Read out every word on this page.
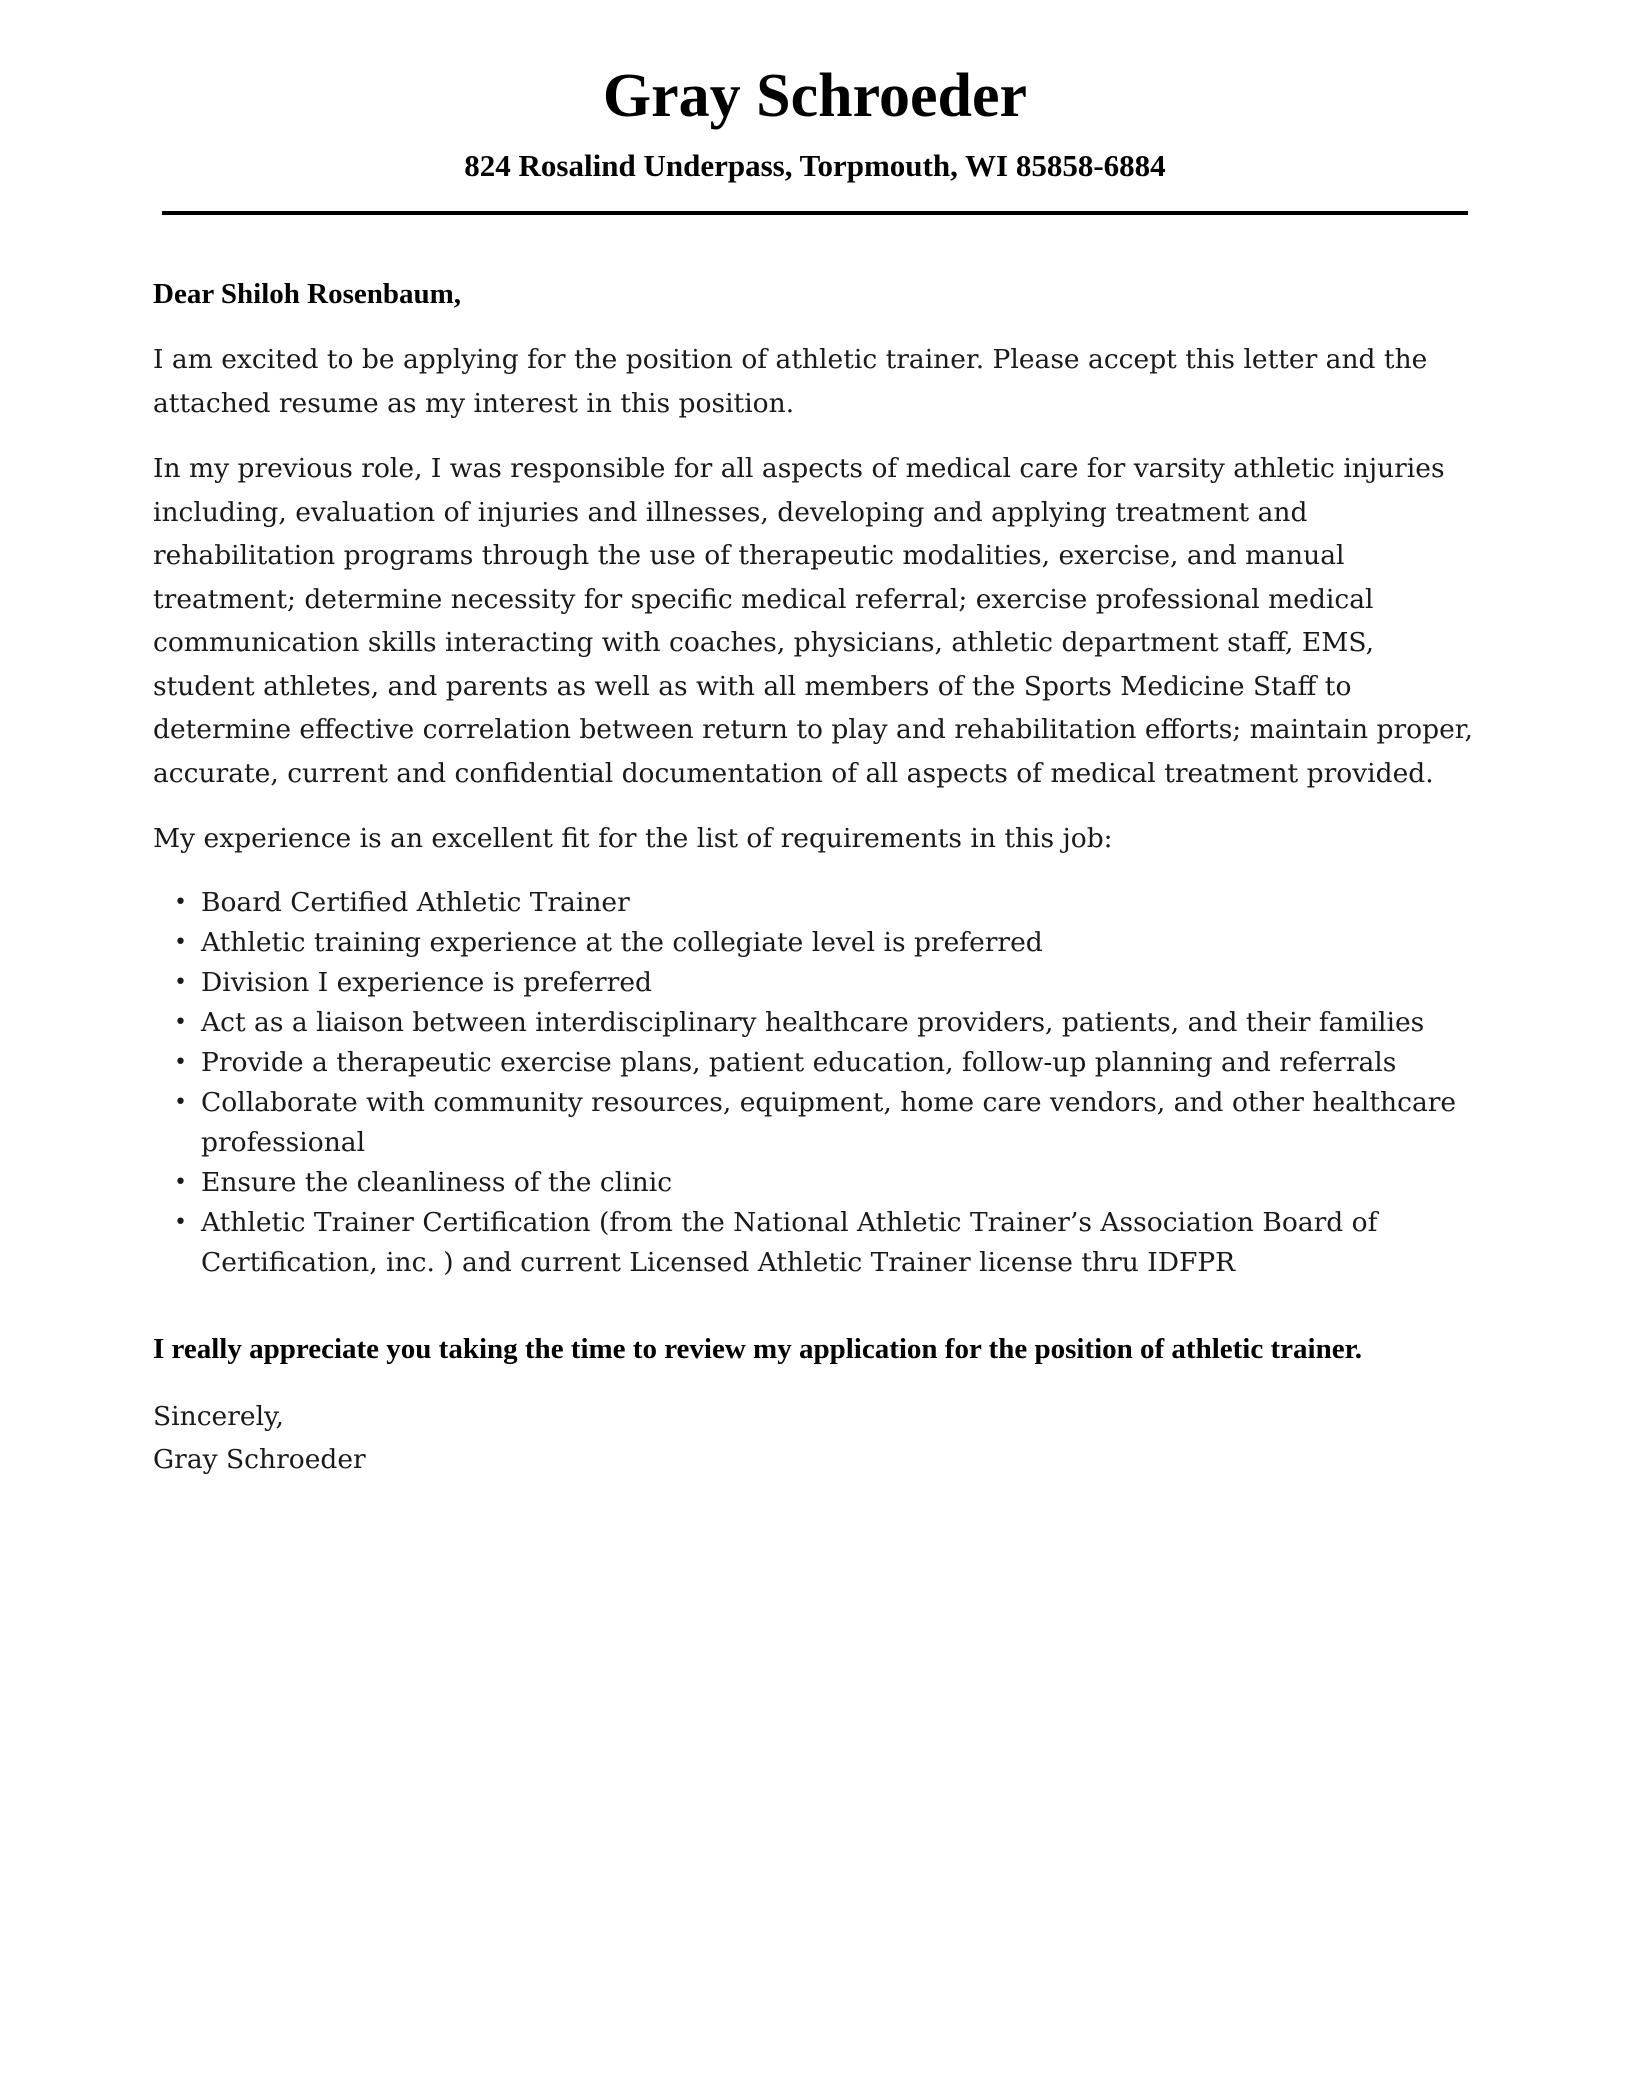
Gray Schroeder
824 Rosalind Underpass, Torpmouth, WI 85858-6884

Dear Shiloh Rosenbaum,

I am excited to be applying for the position of athletic trainer. Please accept this letter and the attached resume as my interest in this position.

In my previous role, I was responsible for all aspects of medical care for varsity athletic injuries including, evaluation of injuries and illnesses, developing and applying treatment and rehabilitation programs through the use of therapeutic modalities, exercise, and manual treatment; determine necessity for specific medical referral; exercise professional medical communication skills interacting with coaches, physicians, athletic department staff, EMS, student athletes, and parents as well as with all members of the Sports Medicine Staff to determine effective correlation between return to play and rehabilitation efforts; maintain proper, accurate, current and confidential documentation of all aspects of medical treatment provided.

My experience is an excellent fit for the list of requirements in this job:

• Board Certified Athletic Trainer
• Athletic training experience at the collegiate level is preferred
• Division I experience is preferred
• Act as a liaison between interdisciplinary healthcare providers, patients, and their families
• Provide a therapeutic exercise plans, patient education, follow-up planning and referrals
• Collaborate with community resources, equipment, home care vendors, and other healthcare professional
• Ensure the cleanliness of the clinic
• Athletic Trainer Certification (from the National Athletic Trainer’s Association Board of Certification, inc. ) and current Licensed Athletic Trainer license thru IDFPR

I really appreciate you taking the time to review my application for the position of athletic trainer.

Sincerely,

Gray Schroeder
